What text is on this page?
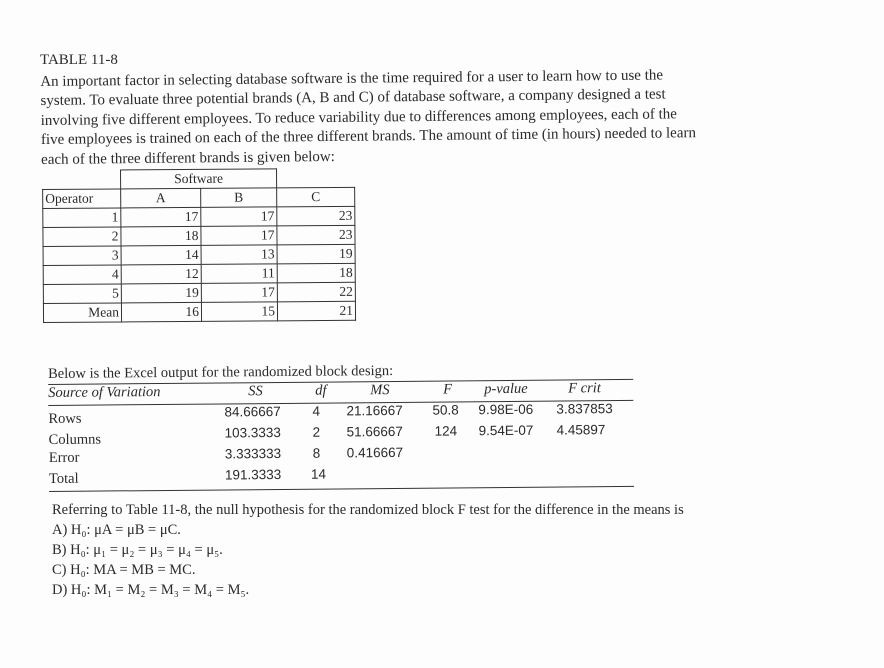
TABLE 11-8
An important factor in selecting database software is the time required for a user to learn how to use the
system. To evaluate three potential brands (A, B and C) of database software, a company designed a test
involving five different employees. To reduce variability due to differences among employees, each of the
five employees is trained on each of the three different brands. The amount of time (in hours) needed to learn
each of the three different brands is given below:
	Software		
Operator	A	B	C
1	17	17	23
2	18	17	23
3	14	13	19
4	12	11	18
5	19	17	22
Mean	16	15	21
Below is the Excel output for the randomized block design:
Source of Variation	SS	df	MS	F p-value	F crit
Rows	84.66667 4 21.16667 50.8 9.98E-06 3.837853
Columns	103.3333 2 51.66667 124 9.54E-07 4.45897
Error	3.333333 8 0.416667
Total	191.3333 14
Referring to Table 11-8, the null hypothesis for the randomized block F test for the difference in the means is
A) H₀: μA = μB = μC.
B) H₀: μ₁ = μ₂ = μ₃ = μ₄ = μ₅.
C) H₀: MA = MB = MC.
D) H₀: M₁ = M₂ = M₃ = M₄ = M₅.
